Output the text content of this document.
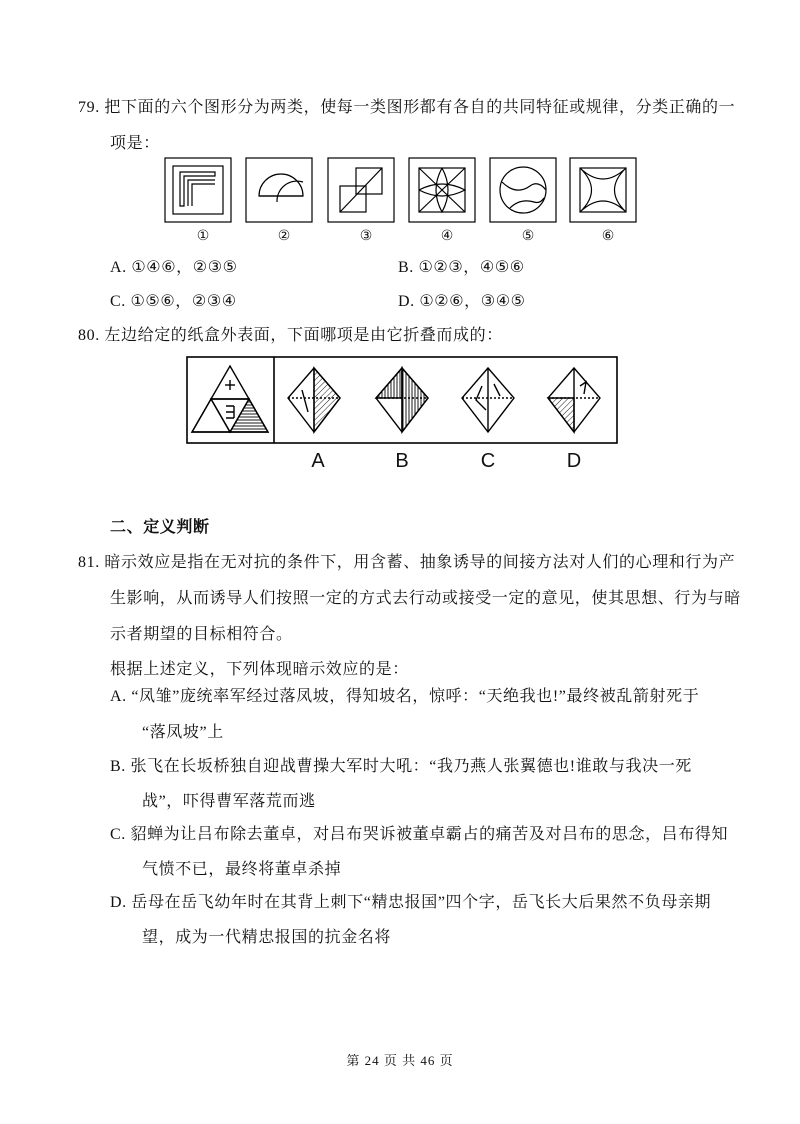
79. 把下面的六个图形分为两类，使每一类图形都有各自的共同特征或规律，分类正确的一
项是：
①	②	③	④	⑤	⑥
A. ①④⑥，②③⑤	B. ①②③，④⑤⑥
C. ①⑤⑥，②③④	D. ①②⑥，③④⑤
80. 左边给定的纸盒外表面，下面哪项是由它折叠而成的：
A	B	C	D
二、定义判断
81. 暗示效应是指在无对抗的条件下，用含蓄、抽象诱导的间接方法对人们的心理和行为产
生影响，从而诱导人们按照一定的方式去行动或接受一定的意见，使其思想、行为与暗
示者期望的目标相符合。
根据上述定义，下列体现暗示效应的是：
A. “凤雏”庞统率军经过落凤坡，得知坡名，惊呼：“天绝我也!”最终被乱箭射死于
“落凤坡”上
B. 张飞在长坂桥独自迎战曹操大军时大吼：“我乃燕人张翼德也!谁敢与我决一死
战”，吓得曹军落荒而逃
C. 貂蝉为让吕布除去董卓，对吕布哭诉被董卓霸占的痛苦及对吕布的思念，吕布得知
气愤不已，最终将董卓杀掉
D. 岳母在岳飞幼年时在其背上刺下“精忠报国”四个字，岳飞长大后果然不负母亲期
望，成为一代精忠报国的抗金名将
第 24 页 共 46 页
